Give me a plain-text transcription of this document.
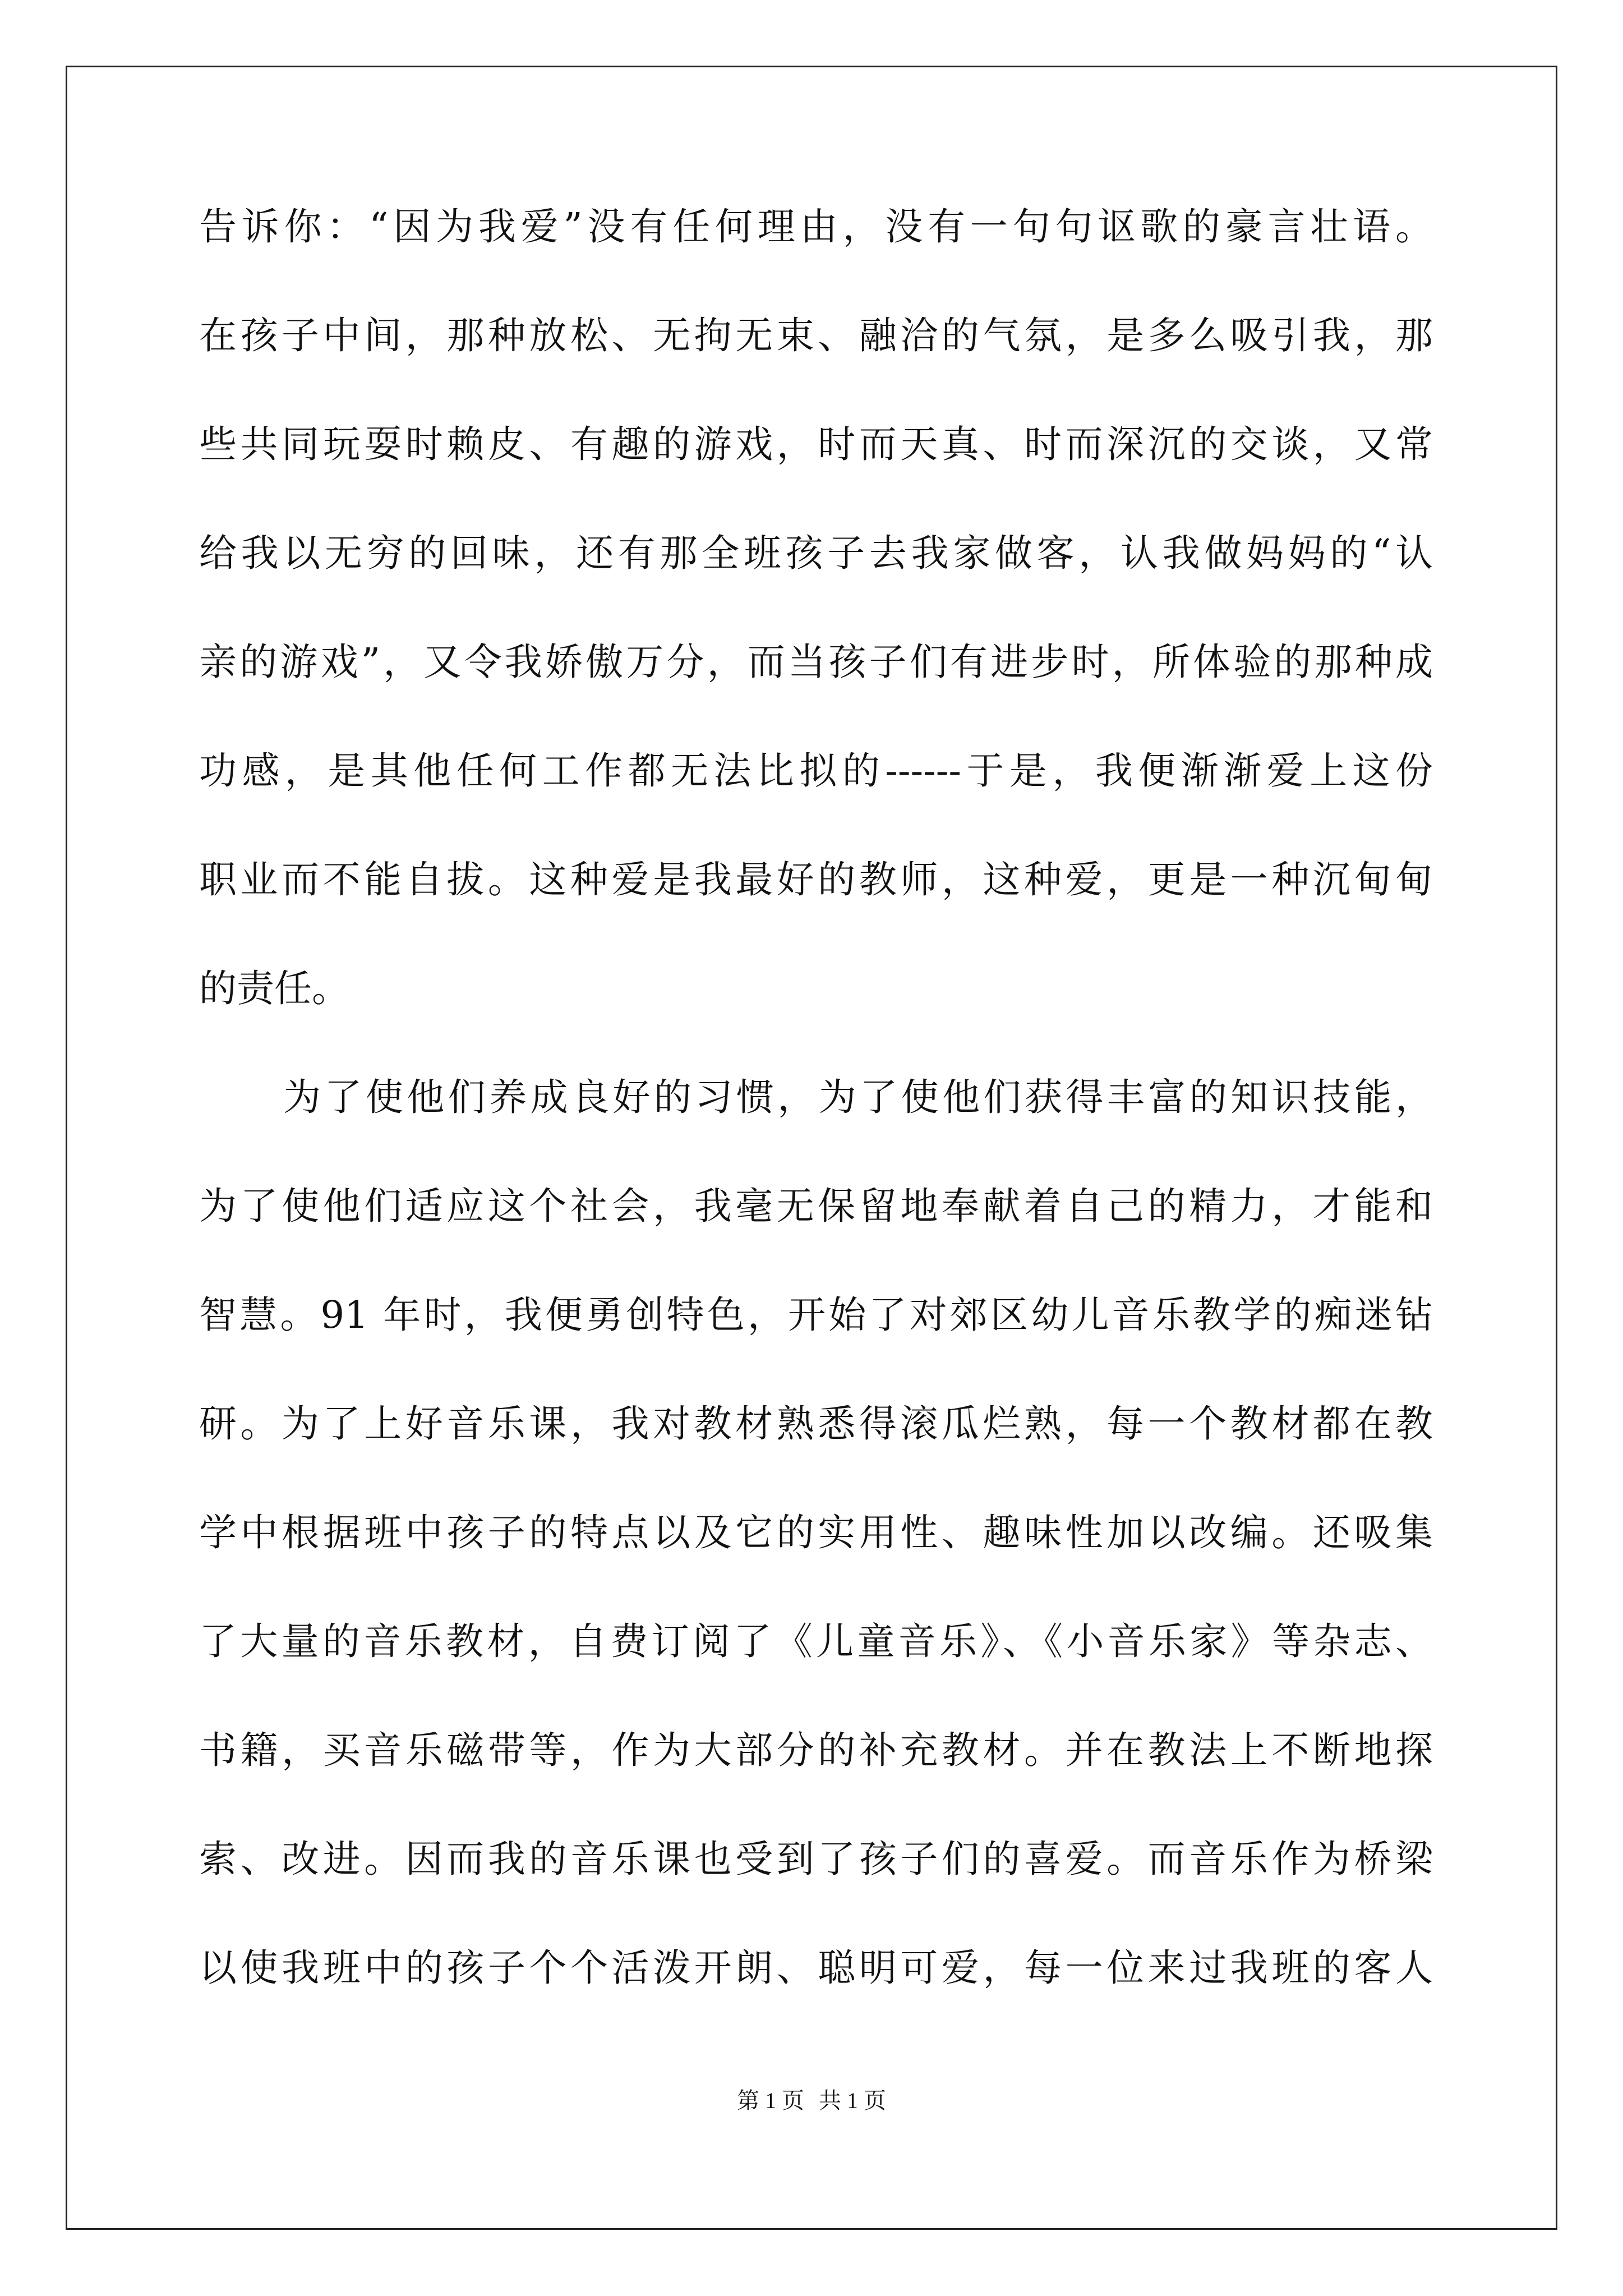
告诉你：“因为我爱”没有任何理由，没有一句句讴歌的豪言壮语。
在孩子中间，那种放松、无拘无束、融洽的气氛，是多么吸引我，那
些共同玩耍时赖皮、有趣的游戏，时而天真、时而深沉的交谈，又常
给我以无穷的回味，还有那全班孩子去我家做客，认我做妈妈的“认
亲的游戏”，又令我娇傲万分，而当孩子们有进步时，所体验的那种成
功感，是其他任何工作都无法比拟的------于是，我便渐渐爱上这份
职业而不能自拔。这种爱是我最好的教师，这种爱，更是一种沉甸甸
的责任。
为了使他们养成良好的习惯，为了使他们获得丰富的知识技能，
为了使他们适应这个社会，我毫无保留地奉献着自己的精力，才能和
智慧。91 年时，我便勇创特色，开始了对郊区幼儿音乐教学的痴迷钻
研。为了上好音乐课，我对教材熟悉得滚瓜烂熟，每一个教材都在教
学中根据班中孩子的特点以及它的实用性、趣味性加以改编。还吸集
了大量的音乐教材，自费订阅了《儿童音乐》、《小音乐家》等杂志、
书籍，买音乐磁带等，作为大部分的补充教材。并在教法上不断地探
索、改进。因而我的音乐课也受到了孩子们的喜爱。而音乐作为桥梁
以使我班中的孩子个个活泼开朗、聪明可爱，每一位来过我班的客人
第 1 页 共 1 页
